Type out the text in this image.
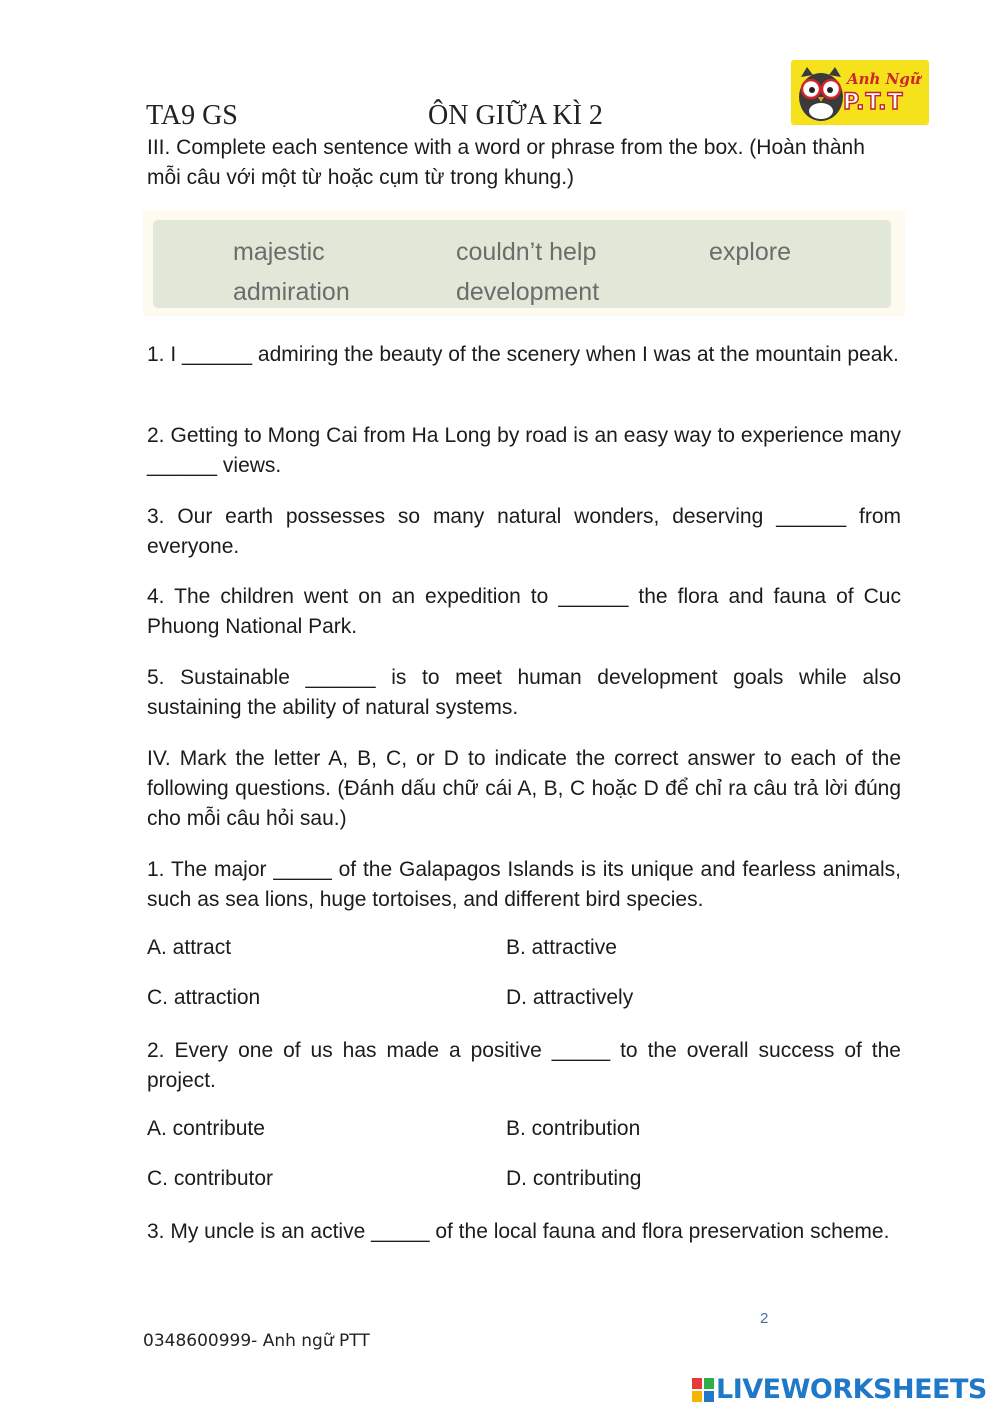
Anh Ngữ
P.T.T
TA9 GS	ÔN GIỮA KÌ 2
III. Complete each sentence with a word or phrase from the box. (Hoàn thành mỗi câu với một từ hoặc cụm từ trong khung.)
majestic	couldn’t help	explore
admiration	development
1. I ______ admiring the beauty of the scenery when I was at the mountain peak.
2. Getting to Mong Cai from Ha Long by road is an easy way to experience many ______ views.
3. Our earth possesses so many natural wonders, deserving ______ from everyone.
4. The children went on an expedition to ______ the flora and fauna of Cuc Phuong National Park.
5. Sustainable ______ is to meet human development goals while also sustaining the ability of natural systems.
IV. Mark the letter A, B, C, or D to indicate the correct answer to each of the following questions. (Đánh dấu chữ cái A, B, C hoặc D để chỉ ra câu trả lời đúng cho mỗi câu hỏi sau.)
1. The major _____ of the Galapagos Islands is its unique and fearless animals, such as sea lions, huge tortoises, and different bird species.
A. attract	B. attractive
C. attraction	D. attractively
2. Every one of us has made a positive _____ to the overall success of the project.
A. contribute	B. contribution
C. contributor	D. contributing
3. My uncle is an active _____ of the local fauna and flora preservation scheme.
2
0348600999- Anh ngữ PTT
LIVEWORKSHEETS
